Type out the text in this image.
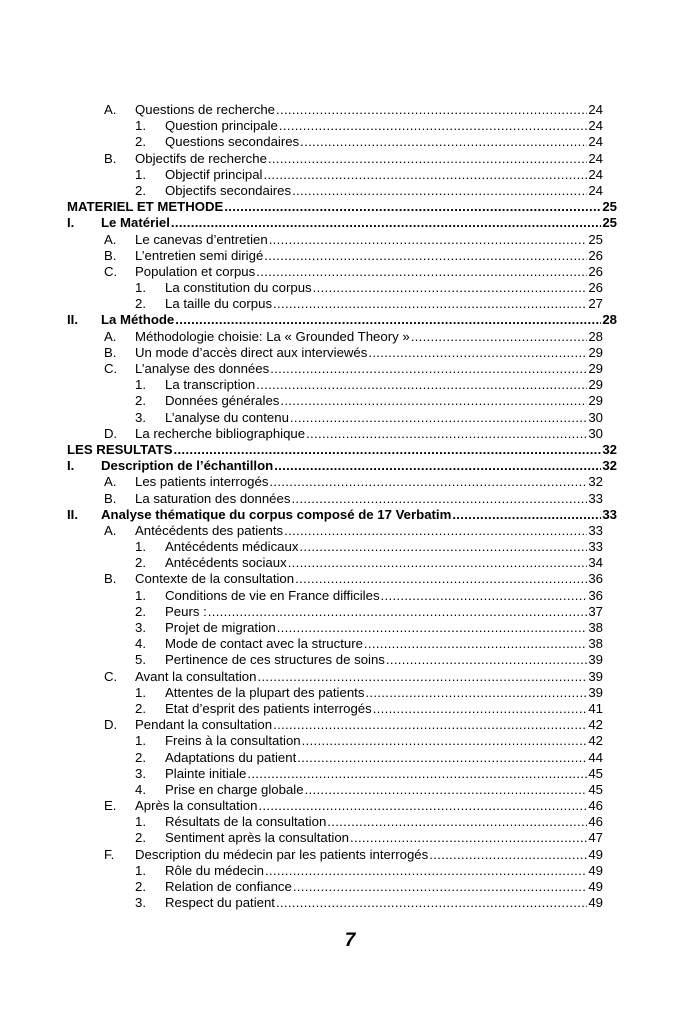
A.	Questions de recherche .....	24
1.	Question principale .....	24
2.	Questions secondaires .....	24
B.	Objectifs de recherche .....	24
1.	Objectif principal .....	24
2.	Objectifs secondaires .....	24
MATERIEL ET METHODE .....	25
I.	Le Matériel .....	25
A.	Le canevas d’entretien .....	25
B.	L’entretien semi dirigé .....	26
C.	Population et corpus .....	26
1.	La constitution du corpus .....	26
2.	La taille du corpus .....	27
II.	La Méthode .....	28
A.	Méthodologie choisie: La « Grounded Theory » .....	28
B.	Un mode d’accès direct aux interviewés .....	29
C.	L’analyse des données .....	29
1.	La transcription .....	29
2.	Données générales .....	29
3.	L’analyse du contenu .....	30
D.	La recherche bibliographique .....	30
LES RESULTATS .....	32
I.	Description de l’échantillon .....	32
A.	Les patients interrogés .....	32
B.	La saturation des données .....	33
II.	Analyse thématique du corpus composé de 17 Verbatim .....	33
A.	Antécédents des patients .....	33
1.	Antécédents médicaux .....	33
2.	Antécédents sociaux .....	34
B.	Contexte de la consultation .....	36
1.	Conditions de vie en France difficiles .....	36
2.	Peurs : .....	37
3.	Projet de migration .....	38
4.	Mode de contact avec la structure .....	38
5.	Pertinence de ces structures de soins .....	39
C.	Avant la consultation .....	39
1.	Attentes de la plupart des patients .....	39
2.	Etat d’esprit des patients interrogés .....	41
D.	Pendant la consultation .....	42
1.	Freins à la consultation .....	42
2.	Adaptations du patient .....	44
3.	Plainte initiale .....	45
4.	Prise en charge globale .....	45
E.	Après la consultation .....	46
1.	Résultats de la consultation .....	46
2.	Sentiment après la consultation .....	47
F.	Description du médecin par les patients interrogés .....	49
1.	Rôle du médecin .....	49
2.	Relation de confiance .....	49
3.	Respect du patient .....	49
7
